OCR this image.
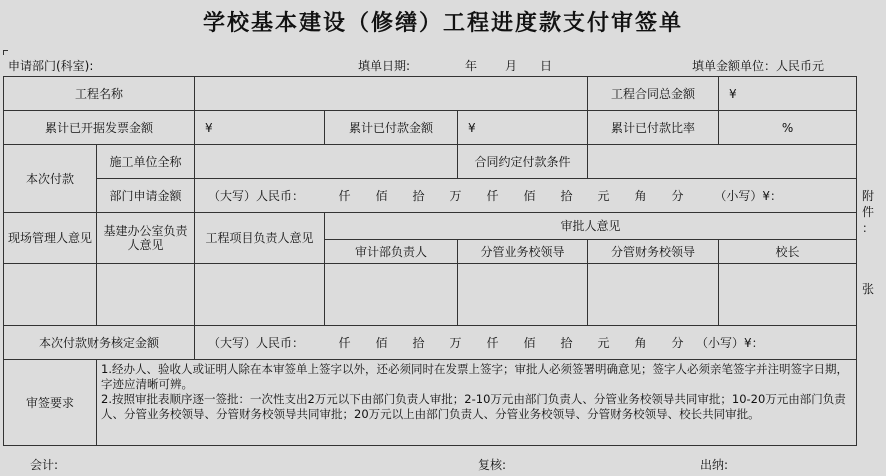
学校基本建设（修缮）工程进度款支付审签单
申请部门(科室):	填单日期:	年 月 日	填单金额单位：人民币元
工程名称					工程合同总金额	¥
累计已开据发票金额		¥	累计已付款金额	¥	累计已付款比率	%
本次付款	施工单位全称			合同约定付款条件		
	部门申请金额	（大写）人民币： 仟 佰 拾 万 仟 佰 拾 元 角 分 （小写）¥：				
现场管理人意见	基建办公室负责人意见	工程项目负责人意见	审批人意见			
			审计部负责人	分管业务校领导	分管财务校领导	校长

本次付款财务核定金额		（大写）人民币： 仟 佰 拾 万 仟 佰 拾 元 角 分 （小写）¥：				
审签要求	1.经办人、验收人或证明人除在本审签单上签字以外，还必须同时在发票上签字；审批人必须签署明确意见；签字人必须亲笔签字并注明签字日期，字迹应清晰可辨。
2.按照审批表顺序逐一签批：一次性支出2万元以下由部门负责人审批；2-10万元由部门负责人、分管业务校领导共同审批；10-20万元由部门负责人、分管业务校领导、分管财务校领导共同审批；20万元以上由部门负责人、分管业务校领导、分管财务校领导、校长共同审批。					
附
件
：
张
会计:	复核:	出纳:
